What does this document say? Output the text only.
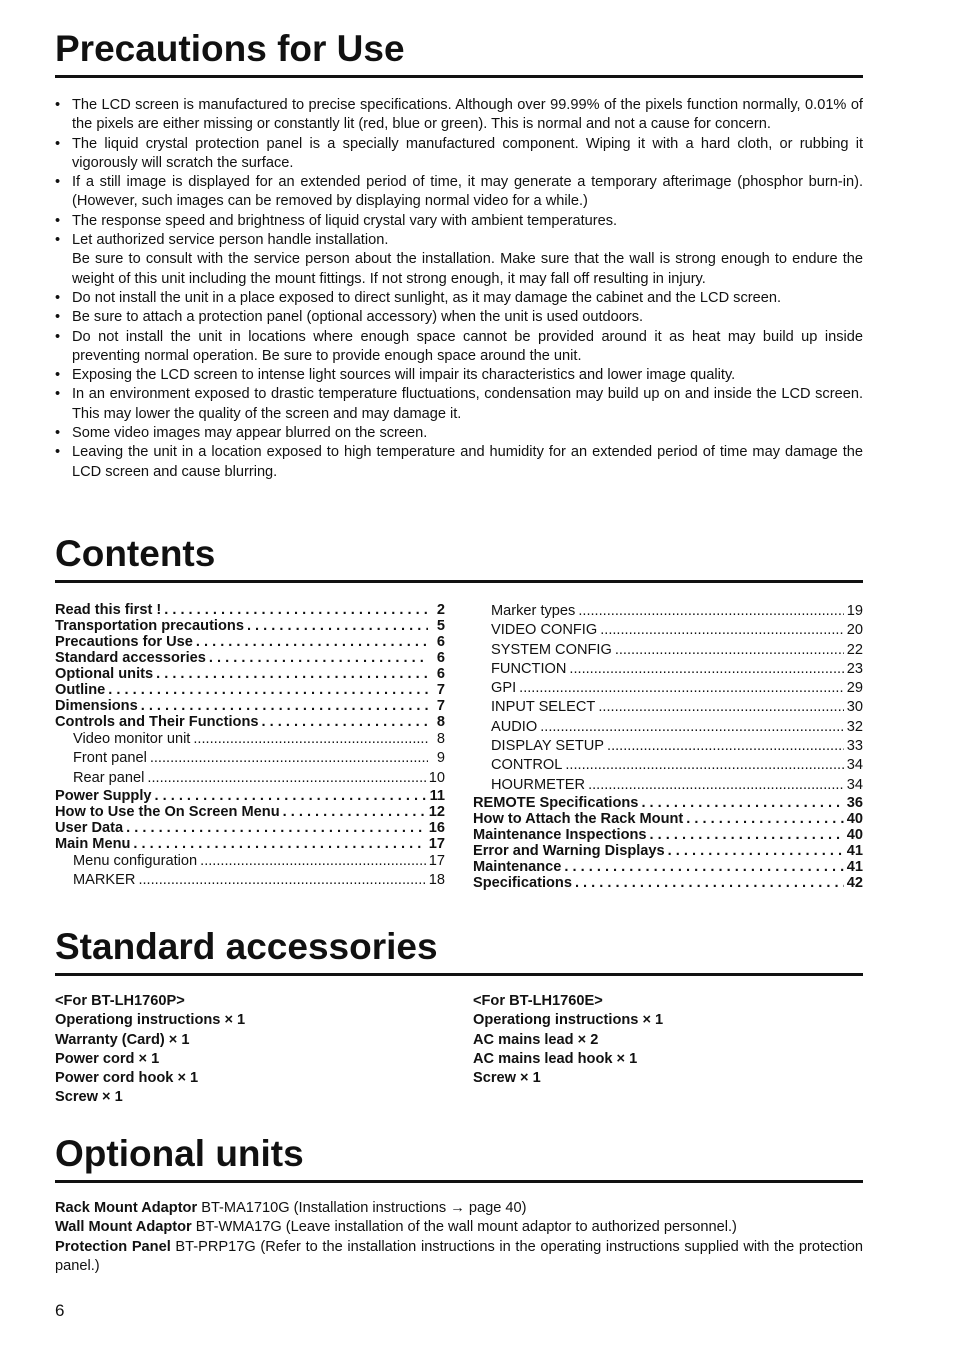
Precautions for Use
• The LCD screen is manufactured to precise specifications. Although over 99.99% of the pixels function normally, 0.01% of the pixels are either missing or constantly lit (red, blue or green). This is normal and not a cause for concern.
• The liquid crystal protection panel is a specially manufactured component. Wiping it with a hard cloth, or rubbing it vigorously will scratch the surface.
• If a still image is displayed for an extended period of time, it may generate a temporary afterimage (phosphor burn-in). (However, such images can be removed by displaying normal video for a while.)
• The response speed and brightness of liquid crystal vary with ambient temperatures.
• Let authorized service person handle installation.
Be sure to consult with the service person about the installation. Make sure that the wall is strong enough to endure the weight of this unit including the mount fittings. If not strong enough, it may fall off resulting in injury.
• Do not install the unit in a place exposed to direct sunlight, as it may damage the cabinet and the LCD screen.
• Be sure to attach a protection panel (optional accessory) when the unit is used outdoors.
• Do not install the unit in locations where enough space cannot be provided around it as heat may build up inside preventing normal operation. Be sure to provide enough space around the unit.
• Exposing the LCD screen to intense light sources will impair its characteristics and lower image quality.
• In an environment exposed to drastic temperature fluctuations, condensation may build up on and inside the LCD screen. This may lower the quality of the screen and may damage it.
• Some video images may appear blurred on the screen.
• Leaving the unit in a location exposed to high temperature and humidity for an extended period of time may damage the LCD screen and cause blurring.
Contents
Read this first ! . . .	2
Transportation precautions . . .	5
Precautions for Use . . .	6
Standard accessories . . .	6
Optional units . . .	6
Outline . . .	7
Dimensions . . .	7
Controls and Their Functions . . .	8
Video monitor unit .....	8
Front panel .....	9
Rear panel .....	10
Power Supply . . .	11
How to Use the On Screen Menu . . .	12
User Data . . .	16
Main Menu . . .	17
Menu configuration .....	17
MARKER .....	18
Marker types .....	19
VIDEO CONFIG .....	20
SYSTEM CONFIG .....	22
FUNCTION .....	23
GPI .....	29
INPUT SELECT .....	30
AUDIO .....	32
DISPLAY SETUP .....	33
CONTROL .....	34
HOURMETER .....	34
REMOTE Specifications . . .	36
How to Attach the Rack Mount . . .	40
Maintenance Inspections . . .	40
Error and Warning Displays . . .	41
Maintenance . . .	41
Specifications . . .	42
Standard accessories
<For BT-LH1760P>
Operationg instructions × 1
Warranty (Card) × 1
Power cord × 1
Power cord hook × 1
Screw × 1
<For BT-LH1760E>
Operationg instructions × 1
AC mains lead × 2
AC mains lead hook × 1
Screw × 1
Optional units
Rack Mount Adaptor BT-MA1710G (Installation instructions → page 40)
Wall Mount Adaptor BT-WMA17G (Leave installation of the wall mount adaptor to authorized personnel.)
Protection Panel BT-PRP17G (Refer to the installation instructions in the operating instructions supplied with the protection panel.)
6
